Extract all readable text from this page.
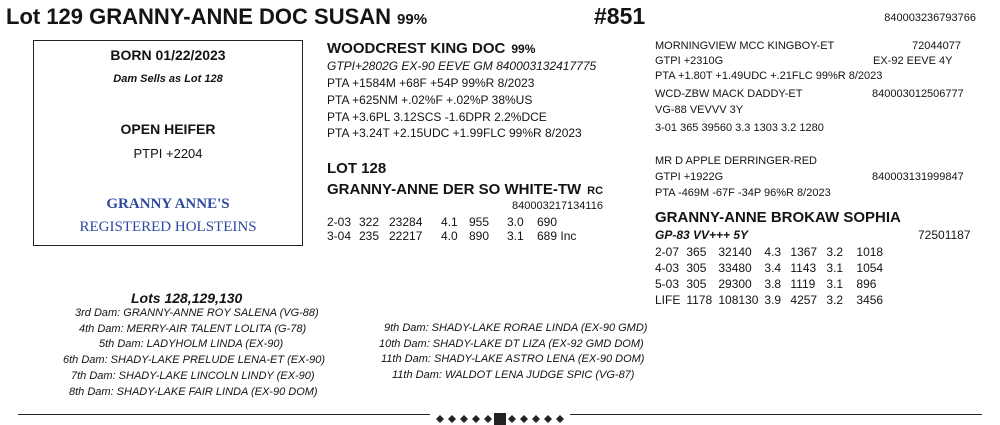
Lot 129 GRANNY-ANNE DOC SUSAN 99%	#851	840003236793766
BORN 01/22/2023
Dam Sells as Lot 128
OPEN HEIFER
PTPI +2204
GRANNY ANNE'S
REGISTERED HOLSTEINS
WOODCREST KING DOC 99%
GTPI+2802G EX-90 EEVE GM 840003132417775
PTA +1584M +68F +54P 99%R 8/2023
PTA +625NM +.02%F +.02%P 38%US
PTA +3.6PL 3.12SCS -1.6DPR 2.2%DCE
PTA +3.24T +2.15UDC +1.99FLC 99%R 8/2023
LOT 128
GRANNY-ANNE DER SO WHITE-TW RC
840003217134116
2-03	322	23284	4.1	955	3.0	690
3-04	235	22217	4.0	890	3.1	689 Inc
MORNINGVIEW MCC KINGBOY-ET	72044077
GTPI +2310G	EX-92 EEVE 4Y
PTA +1.80T +1.49UDC +.21FLC 99%R 8/2023
WCD-ZBW MACK DADDY-ET	840003012506777
VG-88 VEVVV 3Y
3-01 365 39560 3.3 1303 3.2 1280
MR D APPLE DERRINGER-RED
GTPI +1922G	840003131999847
PTA -469M -67F -34P 96%R 8/2023
GRANNY-ANNE BROKAW SOPHIA
GP-83 VV+++ 5Y	72501187
2-07	365	32140	4.3	1367	3.2	1018
4-03	305	33480	3.4	1143	3.1	1054
5-03	305	29300	3.8	1119	3.1	896
LIFE	1178	108130	3.9	4257	3.2	3456
Lots 128,129,130
3rd Dam: GRANNY-ANNE ROY SALENA (VG-88)
4th Dam: MERRY-AIR TALENT LOLITA (G-78)
5th Dam: LADYHOLM LINDA (EX-90)
6th Dam: SHADY-LAKE PRELUDE LENA-ET (EX-90)
7th Dam: SHADY-LAKE LINCOLN LINDY (EX-90)
8th Dam: SHADY-LAKE FAIR LINDA (EX-90 DOM)
9th Dam: SHADY-LAKE RORAE LINDA (EX-90 GMD)
10th Dam: SHADY-LAKE DT LIZA (EX-92 GMD DOM)
11th Dam: SHADY-LAKE ASTRO LENA (EX-90 DOM)
11th Dam: WALDOT LENA JUDGE SPIC (VG-87)
